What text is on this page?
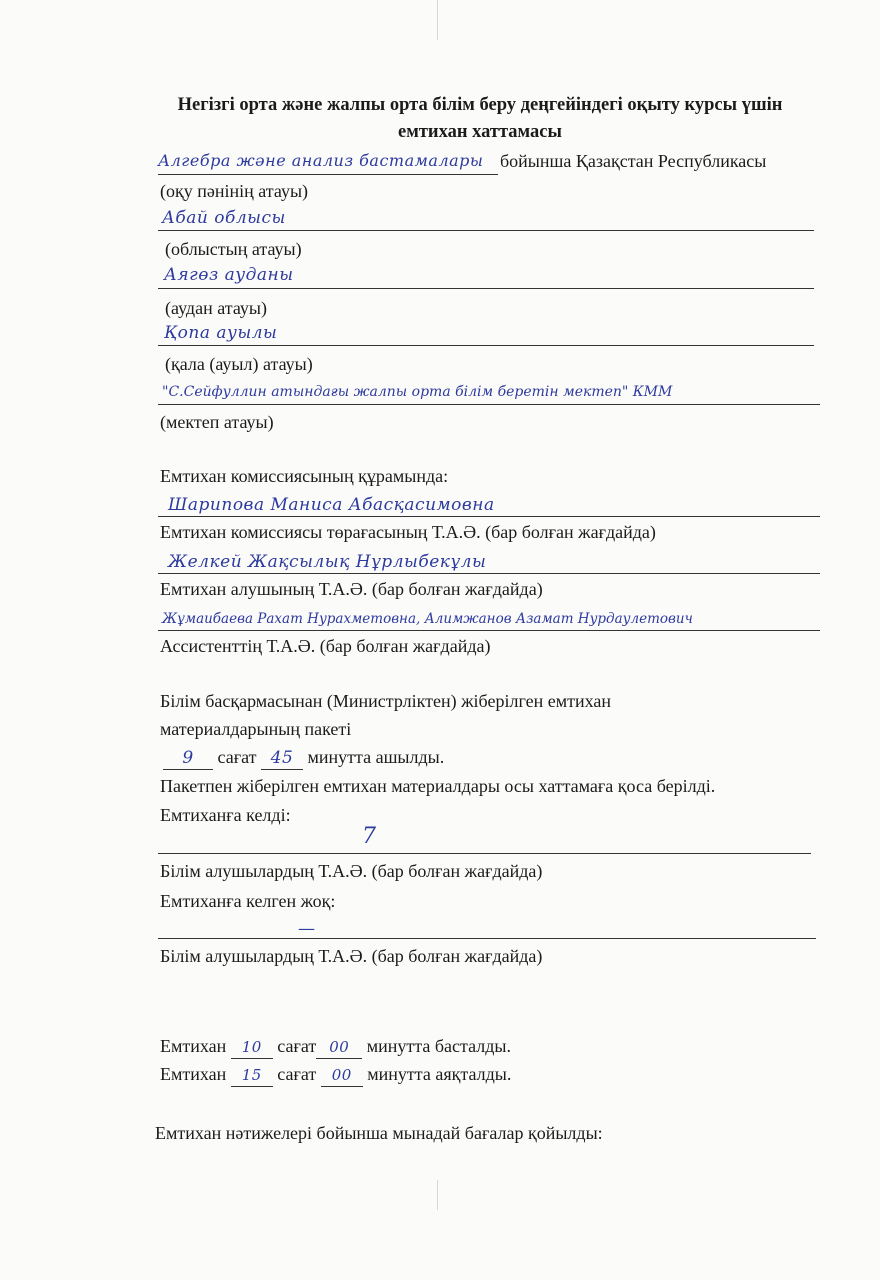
Негізгі орта және жалпы орта білім беру деңгейіндегі оқыту курсы үшін
емтихан хаттамасы
Алгебра және анализ бастамалары бойынша Қазақстан Республикасы
(оқу пәнінің атауы)
Абай облысы
(облыстың атауы)
Аягөз ауданы
(аудан атауы)
Қопа ауылы
(қала (ауыл) атауы)
"С.Сейфуллин атындағы жалпы орта білім беретін мектеп" КММ
(мектеп атауы)
Емтихан комиссиясының құрамында:
Шарипова Маниса Абасқасимовна
Емтихан комиссиясы төрағасының Т.А.Ә. (бар болған жағдайда)
Желкей Жақсылық Нұрлыбекұлы
Емтихан алушының Т.А.Ә. (бар болған жағдайда)
Жұмаибаева Рахат Нурахметовна, Алимжанов Азамат Нурдаулетович
Ассистенттің Т.А.Ә. (бар болған жағдайда)
Білім басқармасынан (Министрліктен) жіберілген емтихан
материалдарының пакеті
9 сағат 45 минутта ашылды.
Пакетпен жіберілген емтихан материалдары осы хаттамаға қоса берілді.
Емтиханға келді:
7
Білім алушылардың Т.А.Ә. (бар болған жағдайда)
Емтиханға келген жоқ:
—
Білім алушылардың Т.А.Ә. (бар болған жағдайда)
Емтихан 10 сағат 00 минутта басталды.
Емтихан 15 сағат 00 минутта аяқталды.
Емтихан нәтижелері бойынша мынадай бағалар қойылды:
